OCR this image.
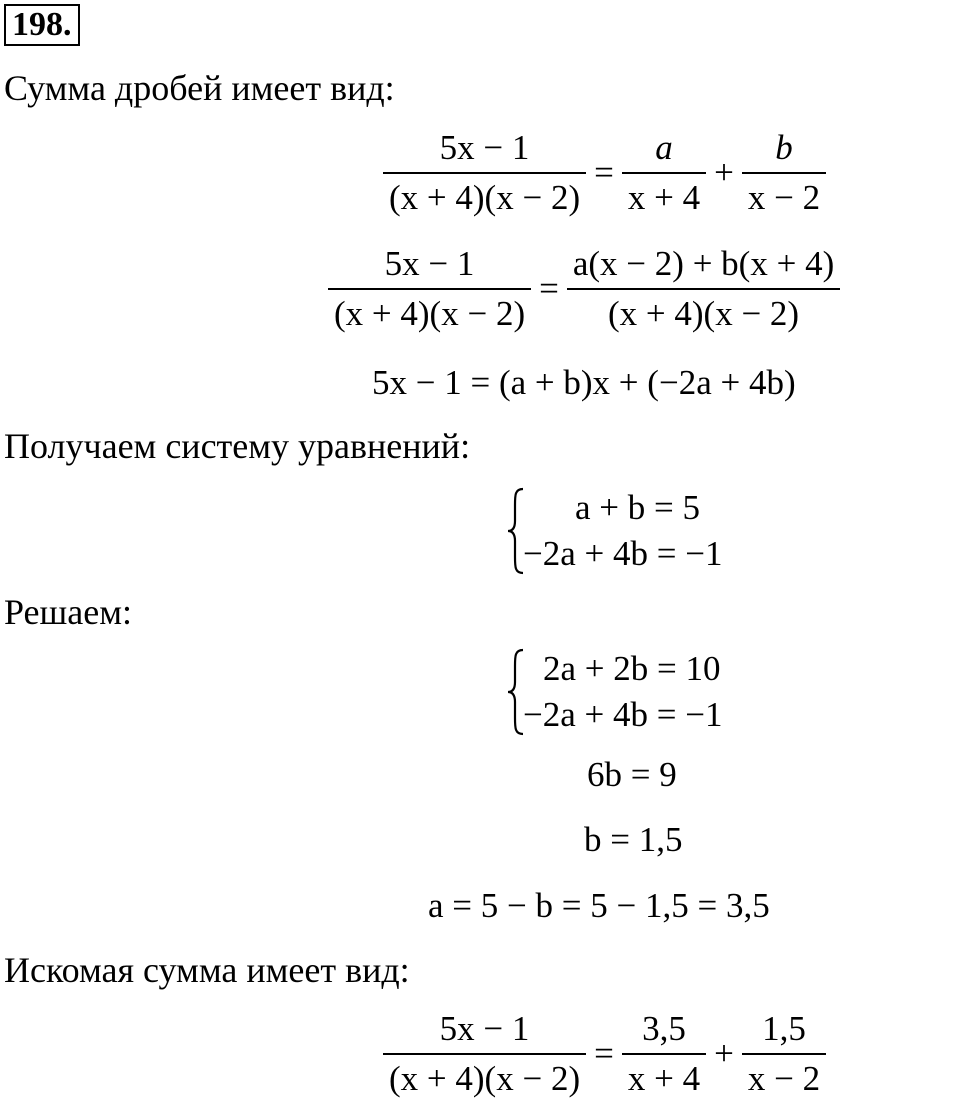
198.
Сумма дробей имеет вид:
$\frac{5x - 1}{(x + 4)(x - 2)} = \frac{a}{x + 4} + \frac{b}{x - 2}$
$\frac{5x - 1}{(x + 4)(x - 2)} = \frac{a(x - 2) + b(x + 4)}{(x + 4)(x - 2)}$
5x − 1 = (a + b)x + (−2a + 4b)
Получаем систему уравнений:
a + b = 5
−2a + 4b = −1
Решаем:
2a + 2b = 10
−2a + 4b = −1
6b = 9
b = 1,5
a = 5 − b = 5 − 1,5 = 3,5
Искомая сумма имеет вид:
$\frac{5x - 1}{(x + 4)(x - 2)} = \frac{3,5}{x + 4} + \frac{1,5}{x - 2}$
